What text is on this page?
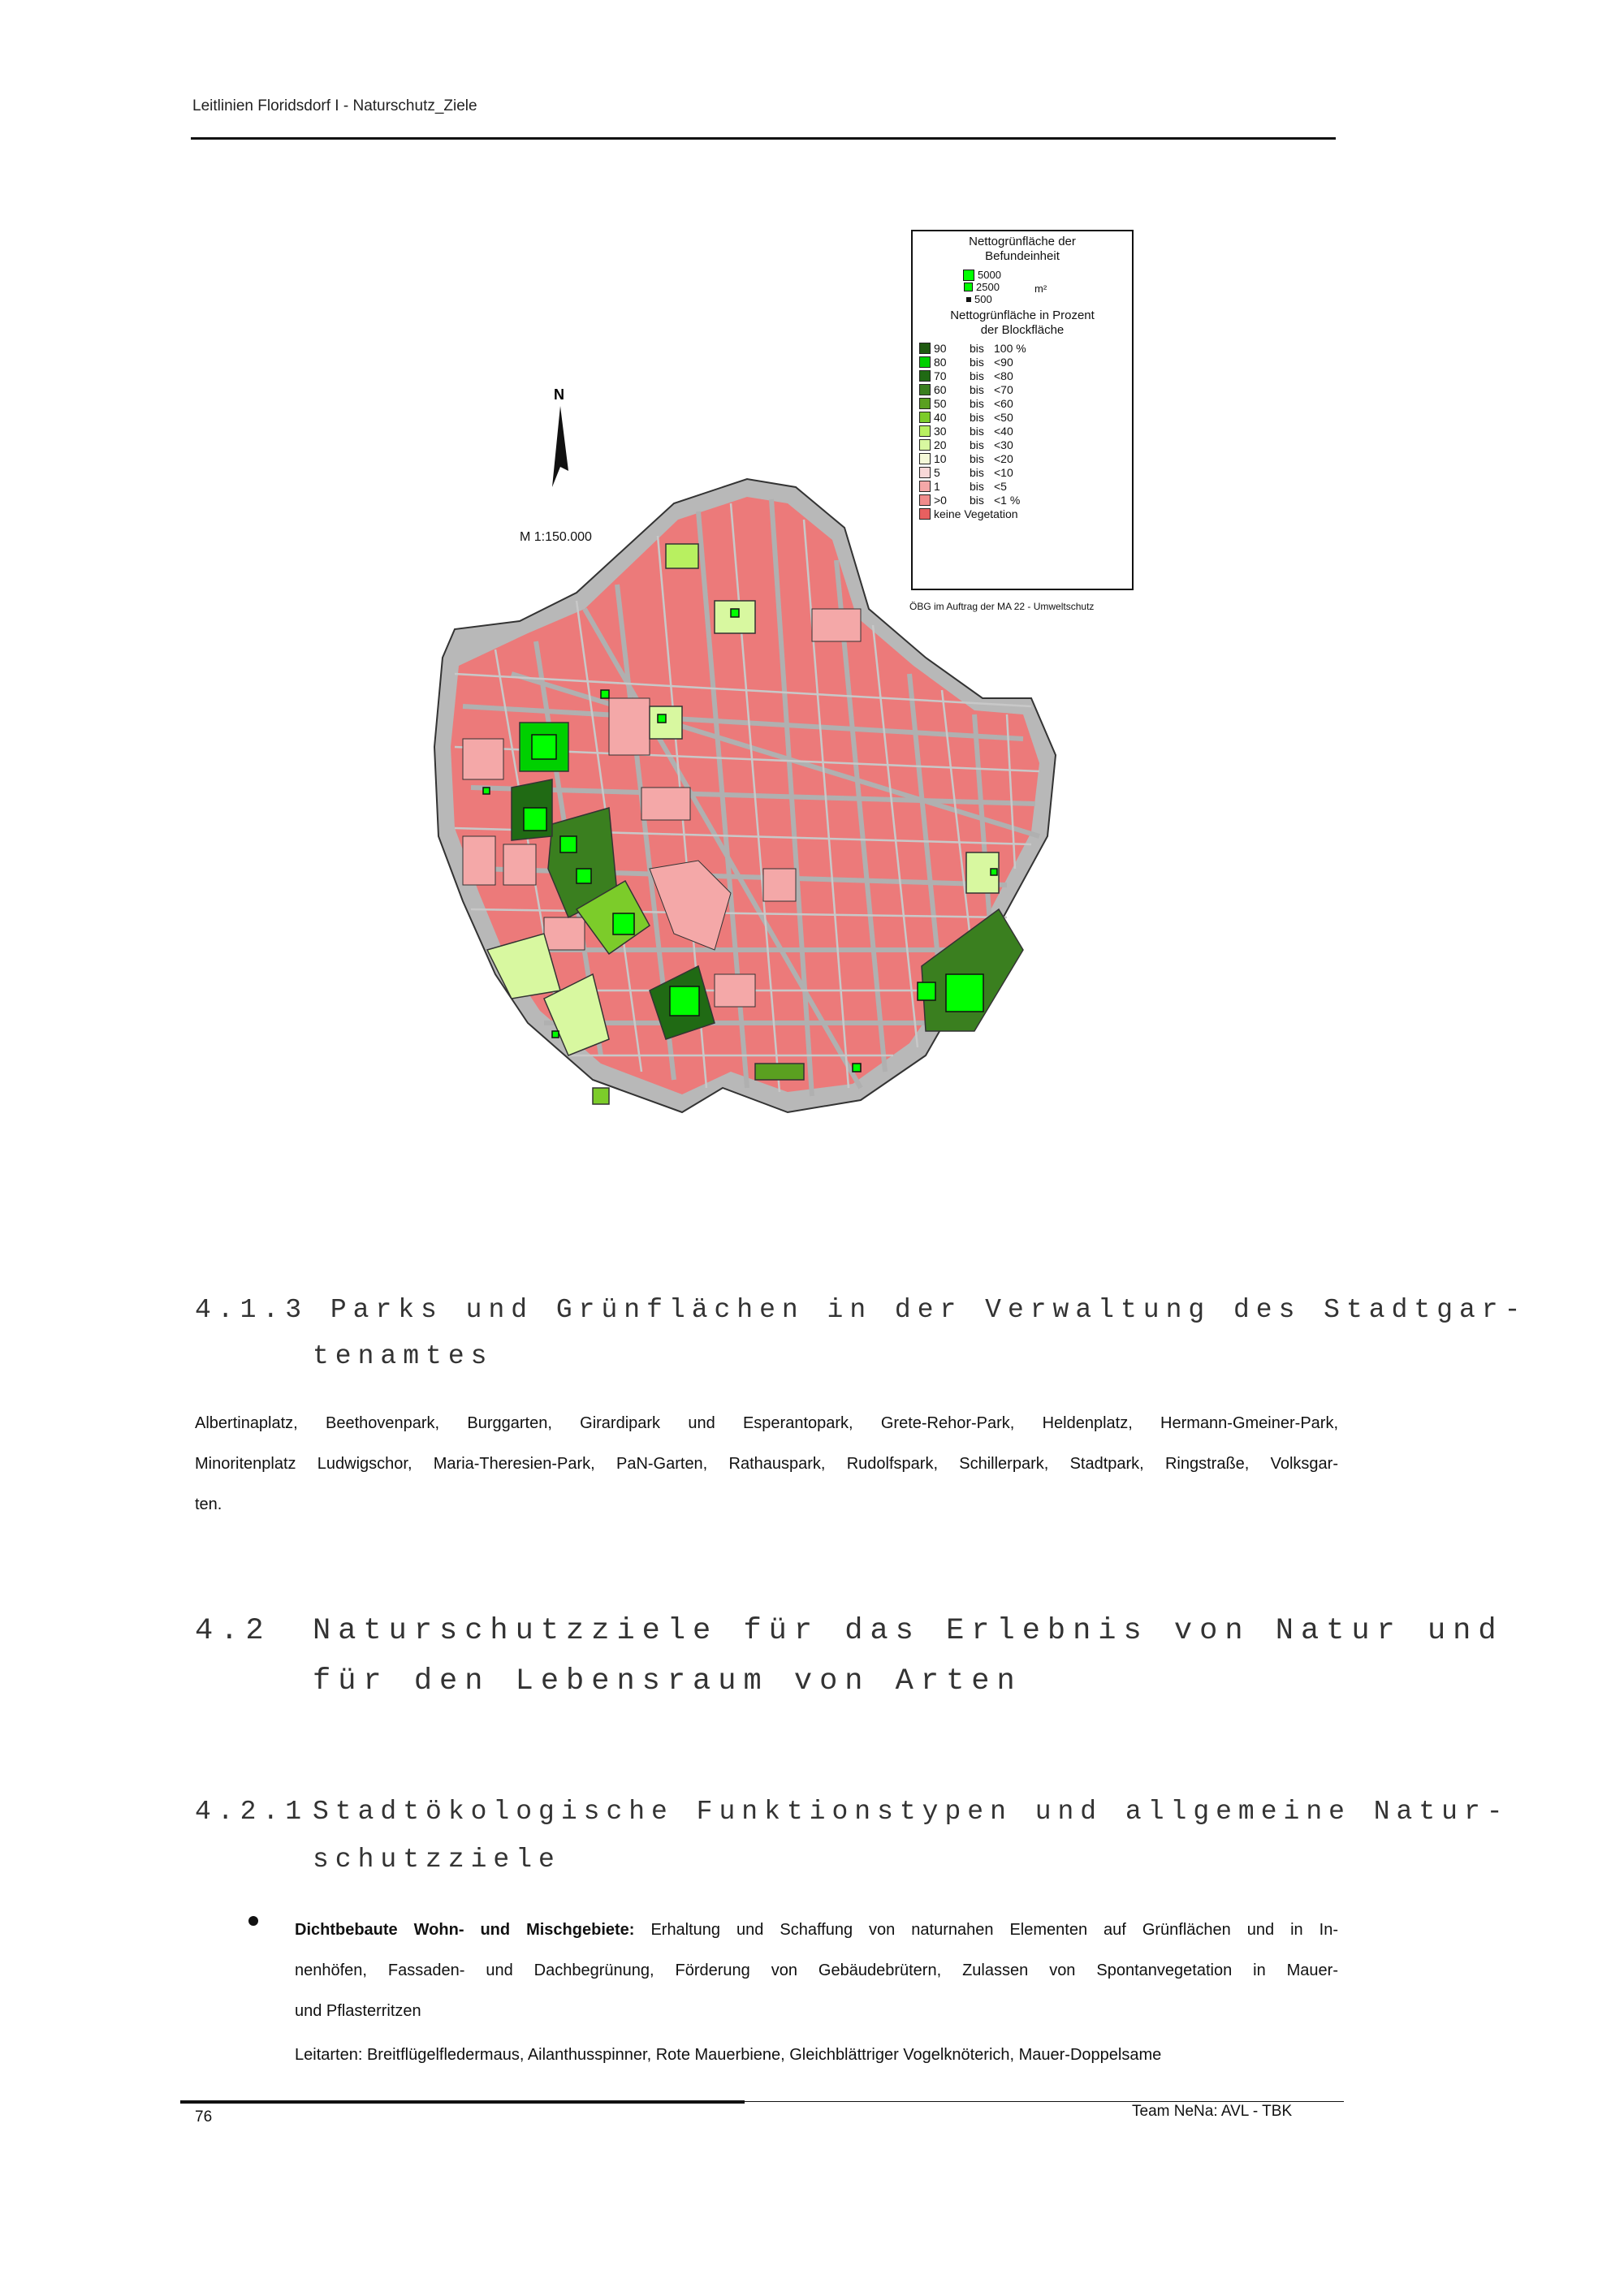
Leitlinien Floridsdorf I - Naturschutz_Ziele
N
M 1:150.000
Nettogrünfläche der
Befundeinheit
5000
2500
500
m²
Nettogrünfläche in Prozent
der Blockfläche
90	bis 100 %
80	bis <90
70	bis <80
60	bis <70
50	bis <60
40	bis <50
30	bis <40
20	bis <30
10	bis <20
5	bis <10
1	bis <5
>0	bis <1 %
keine Vegetation
ÖBG im Auftrag der MA 22 - Umweltschutz
4.1.3 Parks und Grünflächen in der Verwaltung des Stadtgar-
tenamtes
Albertinaplatz, Beethovenpark, Burggarten, Girardipark und Esperantopark, Grete-Rehor-Park, Heldenplatz, Hermann-Gmeiner-Park,
Minoritenplatz Ludwigschor, Maria-Theresien-Park, PaN-Garten, Rathauspark, Rudolfspark, Schillerpark, Stadtpark, Ringstraße, Volksgar-
ten.
4.2 Naturschutzziele für das Erlebnis von Natur und
für den Lebensraum von Arten
4.2.1 Stadtökologische Funktionstypen und allgemeine Natur-
schutzziele
Dichtbebaute Wohn- und Mischgebiete: Erhaltung und Schaffung von naturnahen Elementen auf Grünflächen und in In-
nenhöfen, Fassaden- und Dachbegrünung, Förderung von Gebäudebrütern, Zulassen von Spontanvegetation in Mauer-
und Pflasterritzen
Leitarten: Breitflügelfledermaus, Ailanthusspinner, Rote Mauerbiene, Gleichblättriger Vogelknöterich, Mauer-Doppelsame
76	Team NeNa: AVL - TBK
